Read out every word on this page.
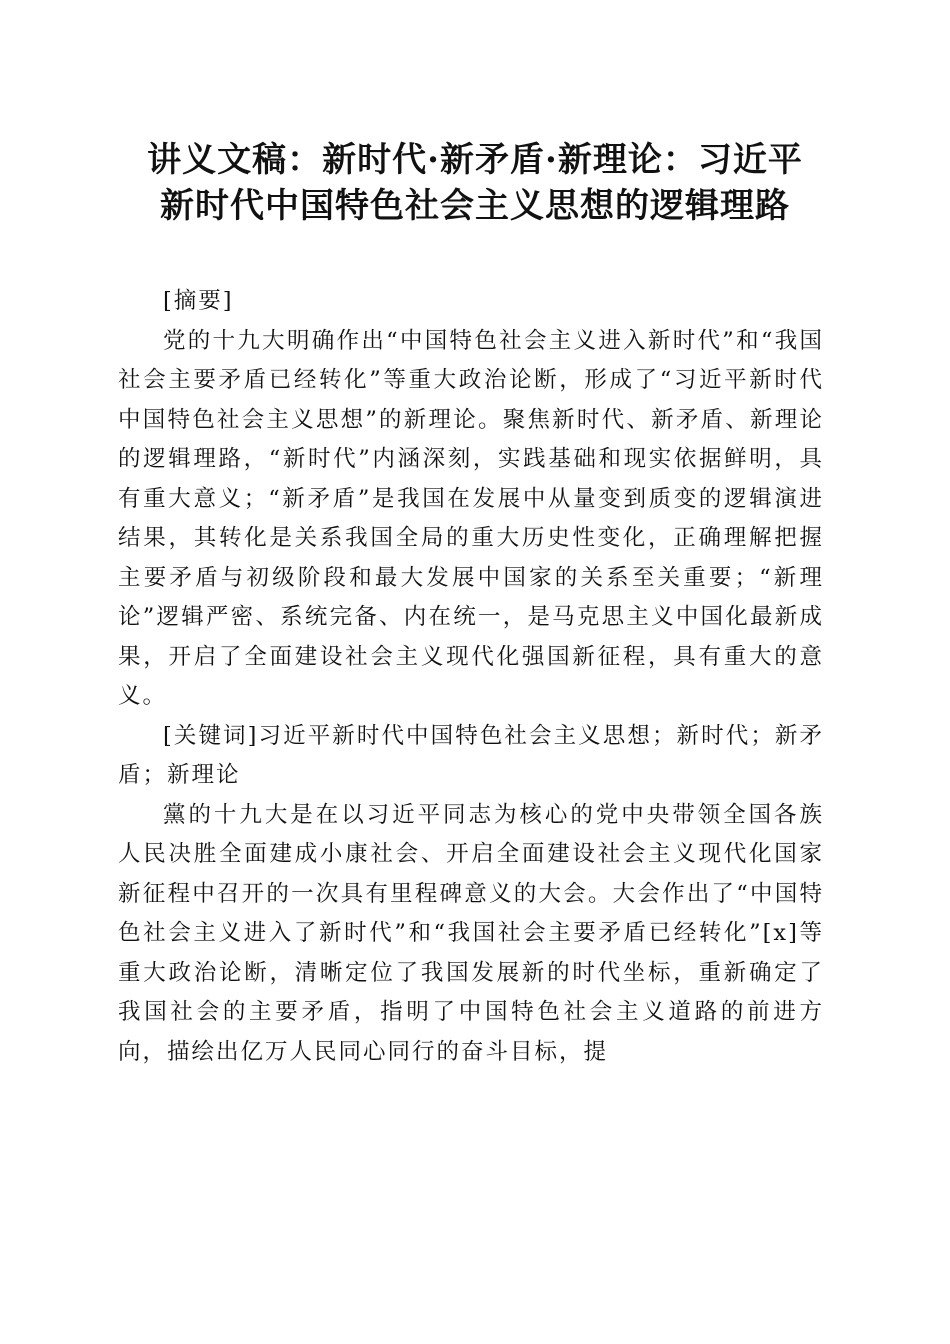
讲义文稿：新时代·新矛盾·新理论：习近平
新时代中国特色社会主义思想的逻辑理路

[摘要]

党的十九大明确作出“中国特色社会主义进入新时代”和“我国社会主要矛盾已经转化”等重大政治论断，形成了“习近平新时代中国特色社会主义思想”的新理论。聚焦新时代、新矛盾、新理论的逻辑理路，“新时代”内涵深刻，实践基础和现实依据鲜明，具有重大意义；“新矛盾”是我国在发展中从量变到质变的逻辑演进结果，其转化是关系我国全局的重大历史性变化，正确理解把握主要矛盾与初级阶段和最大发展中国家的关系至关重要；“新理论”逻辑严密、系统完备、内在统一，是马克思主义中国化最新成果，开启了全面建设社会主义现代化强国新征程，具有重大的意义。

[关键词]习近平新时代中国特色社会主义思想；新时代；新矛盾；新理论

黨的十九大是在以习近平同志为核心的党中央带领全国各族人民决胜全面建成小康社会、开启全面建设社会主义现代化国家新征程中召开的一次具有里程碑意义的大会。大会作出了“中国特色社会主义进入了新时代”和“我国社会主要矛盾已经转化”[x]等重大政治论断，清晰定位了我国发展新的时代坐标，重新确定了我国社会的主要矛盾，指明了中国特色社会主义道路的前进方向，描绘出亿万人民同心同行的奋斗目标，提
